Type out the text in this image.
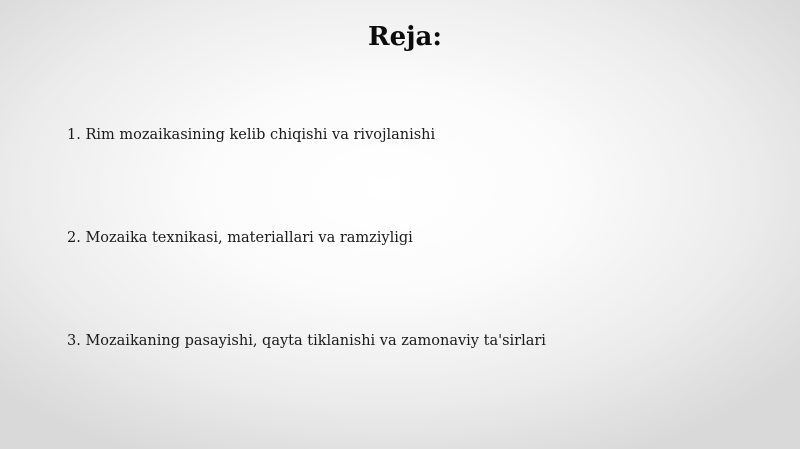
Reja:

1. Rim mozaikasining kelib chiqishi va rivojlanishi

2. Mozaika texnikasi, materiallari va ramziyligi

3. Mozaikaning pasayishi, qayta tiklanishi va zamonaviy ta'sirlari
